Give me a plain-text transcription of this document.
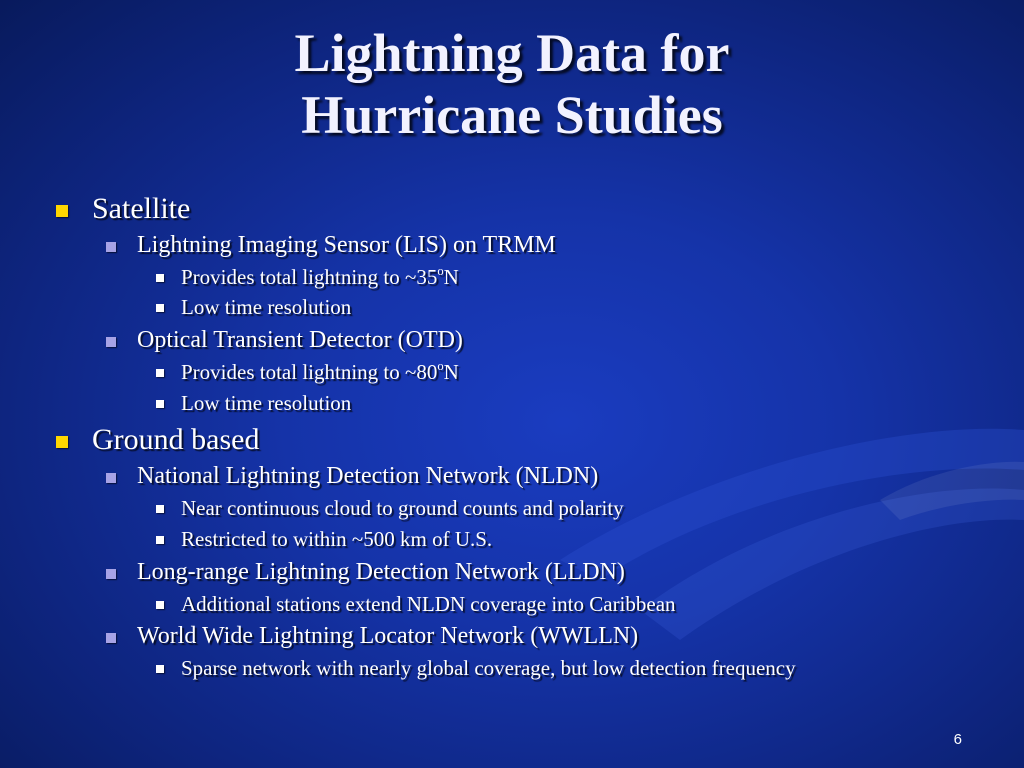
Lightning Data for
Hurricane Studies
Satellite
Lightning Imaging Sensor (LIS) on TRMM
Provides total lightning to ~35$^o$N
Low time resolution
Optical Transient Detector (OTD)
Provides total lightning to ~80$^o$N
Low time resolution
Ground based
National Lightning Detection Network (NLDN)
Near continuous cloud to ground counts and polarity
Restricted to within ~500 km of U.S.
Long-range Lightning Detection Network (LLDN)
Additional stations extend NLDN coverage into Caribbean
World Wide Lightning Locator Network (WWLLN)
Sparse network with nearly global coverage, but low detection frequency
6
